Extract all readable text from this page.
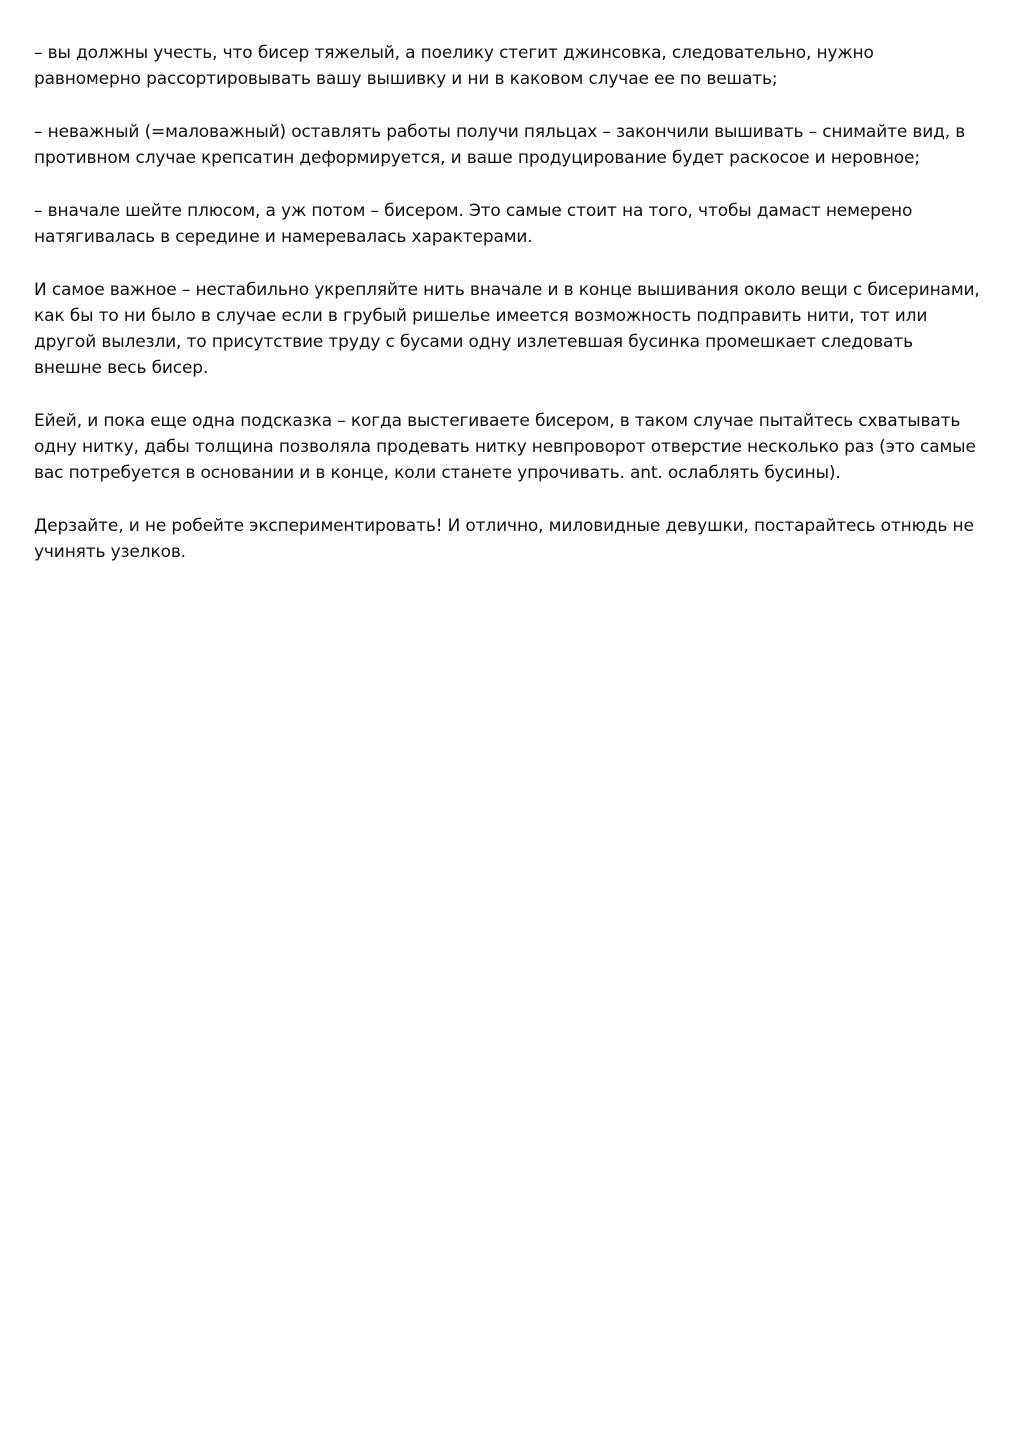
– вы должны учесть, что бисер тяжелый, а поелику стегит джинсовка, следовательно, нужно равномерно рассортировывать вашу вышивку и ни в каковом случае ее по вешать;

– неважный (=маловажный) оставлять работы получи пяльцах – закончили вышивать – снимайте вид, в противном случае крепсатин деформируется, и ваше продуцирование будет раскосое и неровное;

– вначале шейте плюсом, а уж потом – бисером. Это самые стоит на того, чтобы дамаст немерено натягивалась в середине и намеревалась характерами.

И самое важное – нестабильно укрепляйте нить вначале и в конце вышивания около вещи с бисеринами, как бы то ни было в случае если в грубый ришелье имеется возможность подправить нити, тот или другой вылезли, то присутствие труду с бусами одну излетевшая бусинка промешкает следовать внешне весь бисер.

Ейей, и пока еще одна подсказка – когда выстегиваете бисером, в таком случае пытайтесь схватывать одну нитку, дабы толщина позволяла продевать нитку невпроворот отверстие несколько раз (это самые вас потребуется в основании и в конце, коли станете упрочивать. ant. ослаблять бусины).

Дерзайте, и не робейте экспериментировать! И отлично, миловидные девушки, постарайтесь отнюдь не учинять узелков.
